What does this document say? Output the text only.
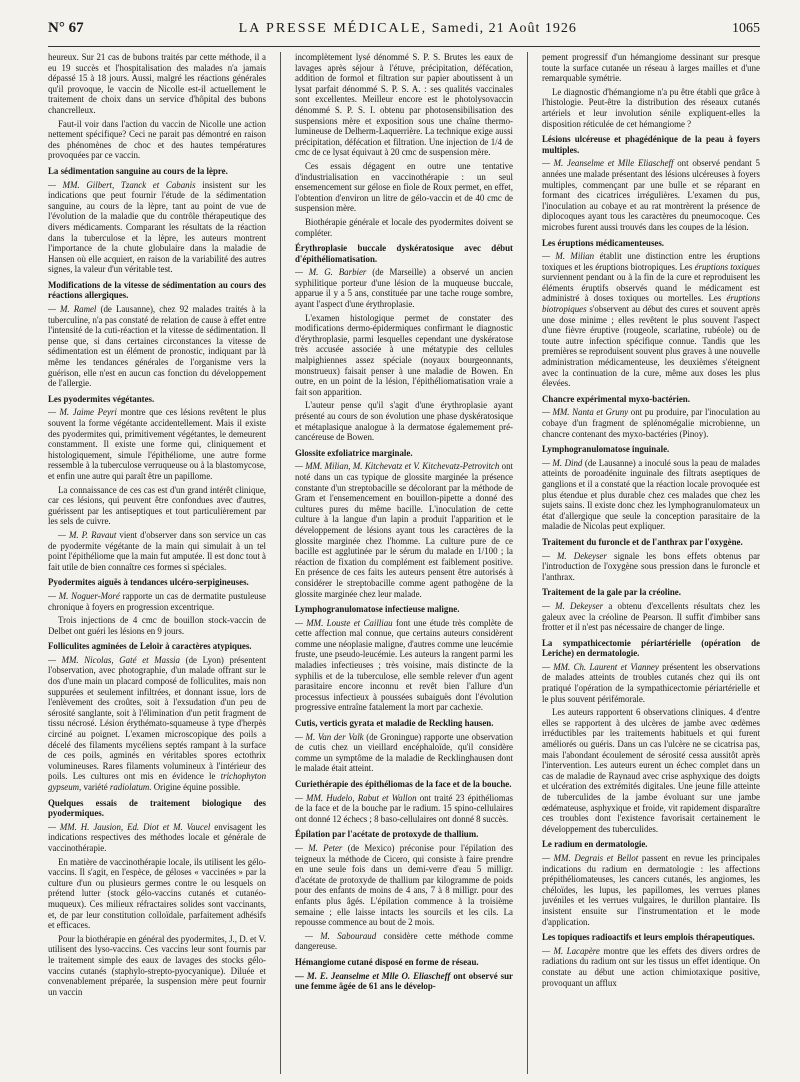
N° 67	LA PRESSE MÉDICALE, Samedi, 21 Août 1926	1065

heureux. Sur 21 cas de bubons traités par cette méthode, il a eu 19 succès et l'hospitalisation des malades n'a jamais dépassé 15 à 18 jours. Aussi, malgré les réactions générales qu'il provoque, le vaccin de Nicolle est-il actuellement le traitement de choix dans un service d'hôpital des bubons chancrelleux.

Faut-il voir dans l'action du vaccin de Nicolle une action nettement spécifique? Ceci ne parait pas démontré en raison des phénomènes de choc et des hautes températures provoquées par ce vaccin.

La sédimentation sanguine au cours de la lèpre.

— MM. Gilbert, Tzanck et Cabanis insistent sur les indications que peut fournir l'étude de la sédimentation sanguine, au cours de la lèpre, tant au point de vue de l'évolution de la maladie que du contrôle thérapeutique des divers médicaments. Comparant les résultats de la réaction dans la tuberculose et la lèpre, les auteurs montrent l'importance de la chute globulaire dans la maladie de Hansen où elle acquiert, en raison de la variabilité des autres signes, la valeur d'un véritable test.

Modifications de la vitesse de sédimentation au cours des réactions allergiques.

— M. Ramel (de Lausanne), chez 92 malades traités à la tuberculine, n'a pas constaté de relation de cause à effet entre l'intensité de la cuti-réaction et la vitesse de sédimentation. Il pense que, si dans certaines circonstances la vitesse de sédimentation est un élément de pronostic, indiquant par là même les tendances générales de l'organisme vers la guérison, elle n'est en aucun cas fonction du développement de l'allergie.

Les pyodermites végétantes.

— M. Jaime Peyri montre que ces lésions revêtent le plus souvent la forme végétante accidentellement. Mais il existe des pyodermites qui, primitivement végétantes, le demeurent constamment. Il existe une forme qui, cliniquement et histologiquement, simule l'épithéliome, une autre forme ressemble à la tuberculose verruqueuse ou à la blastomycose, et enfin une autre qui paraît être un papillome.

La connaissance de ces cas est d'un grand intérêt clinique, car ces lésions, qui peuvent être confondues avec d'autres, guérissent par les antiseptiques et tout particulièrement par les sels de cuivre.

— M. P. Ravaut vient d'observer dans son service un cas de pyodermite végétante de la main qui simulait à un tel point l'épithéliome que la main fut amputée. Il est donc tout à fait utile de bien connaître ces formes si spéciales.

Pyodermites aiguës à tendances ulcéro-serpigineuses.

— M. Noguer-Moré rapporte un cas de dermatite pustuleuse chronique à foyers en progression excentrique.

Trois injections de 4 cmc de bouillon stock-vaccin de Delbet ont guéri les lésions en 9 jours.

Folliculites agminées de Leloir à caractères atypiques.

— MM. Nicolas, Gaté et Massia (de Lyon) présentent l'observation, avec photographie, d'un malade offrant sur le dos d'une main un placard composé de folliculites, mais non suppurées et seulement infiltrées, et donnant issue, lors de l'enlèvement des croûtes, soit à l'exsudation d'un peu de sérosité sanglante, soit à l'élimination d'un petit fragment de tissu nécrosé. Lésion érythémato-squameuse à type d'herpès circiné au poignet. L'examen microscopique des poils a décelé des filaments mycéliens septés rampant à la surface de ces poils, agminés en véritables spores ectothrix volumineuses. Rares filaments volumineux à l'intérieur des poils. Les cultures ont mis en évidence le trichophyton gypseum, variété radiolatum. Origine équine possible.

Quelques essais de traitement biologique des pyodermiques.

— MM. H. Jausion, Ed. Diot et M. Vaucel envisagent les indications respectives des méthodes locale et générale de vaccinothérapie.

En matière de vaccinothérapie locale, ils utilisent les gélo-vaccins. Il s'agit, en l'espèce, de géloses « vaccinées » par la culture d'un ou plusieurs germes contre le ou lesquels on prétend lutter (stock gélo-vaccins cutanés et cutanéo-muqueux). Ces milieux réfractaires solides sont vaccinants, et, de par leur constitution colloïdale, parfaitement adhésifs et efficaces.

Pour la biothérapie en général des pyodermites, J., D. et V. utilisent des lyso-vaccins. Ces vaccins leur sont fournis par le traitement simple des eaux de lavages des stocks gélo-vaccins cutanés (staphylo-strepto-pyocyanique). Diluée et convenablement préparée, la suspension mère peut fournir un vaccin

incomplètement lysé dénommé S. P. S. Brutes les eaux de lavages après séjour à l'étuve, précipitation, défécation, addition de formol et filtration sur papier aboutissent à un lysat parfait dénommé S. P. S. A. : ses qualités vaccinales sont excellentes. Meilleur encore est le photolysovaccin dénommé S. P. S. I. obtenu par photosensibilisation des suspensions mère et exposition sous une chaîne thermo-lumineuse de Delherm-Laquerrière. La technique exige aussi précipitation, défécation et filtration. Une injection de 1/4 de cmc de ce lysat équivaut à 20 cmc de suspension mère.

Ces essais dégagent en outre une tentative d'industrialisation en vaccinothérapie : un seul ensemencement sur gélose en fiole de Roux permet, en effet, l'obtention d'environ un litre de gélo-vaccin et de 40 cmc de suspension mère.

Biothérapie générale et locale des pyodermites doivent se compléter.

Érythroplasie buccale dyskératosique avec début d'épithéliomatisation.

— M. G. Barbier (de Marseille) a observé un ancien syphilitique porteur d'une lésion de la muqueuse buccale, apparue il y a 5 ans, constituée par une tache rouge sombre, ayant l'aspect d'une érythroplasie.

L'examen histologique permet de constater des modifications dermo-épidermiques confirmant le diagnostic d'érythroplasie, parmi lesquelles cependant une dyskératose très accusée associée à une métatypie des cellules malpighiennes assez spéciale (noyaux bourgeonnants, monstrueux) faisait penser à une maladie de Bowen. En outre, en un point de la lésion, l'épithéliomatisation vraie a fait son apparition.

L'auteur pense qu'il s'agit d'une érythroplasie ayant présenté au cours de son évolution une phase dyskératosique et métaplasique analogue à la dermatose égalemement pré-cancéreuse de Bowen.

Glossite exfoliatrice marginale.

— MM. Milian, M. Kitchevatz et V. Kitchevatz-Petrovitch ont noté dans un cas typique de glossite marginée la présence constante d'un streptobacille se décolorant par la méthode de Gram et l'ensemencement en bouillon-pipette a donné des cultures pures du même bacille. L'inoculation de cette culture à la langue d'un lapin a produit l'apparition et le développement de lésions ayant tous les caractères de la glossite marginée chez l'homme. La culture pure de ce bacille est agglutinée par le sérum du malade en 1/100 ; la réaction de fixation du complément est faiblement positive. En présence de ces faits les auteurs pensent être autorisés à considérer le streptobacille comme agent pathogène de la glossite marginée chez leur malade.

Lymphogranulomatose infectieuse maligne.

— MM. Louste et Cailliau font une étude très complète de cette affection mal connue, que certains auteurs considèrent comme une néoplasie maligne, d'autres comme une leucémie fruste, une pseudo-leucémie. Les auteurs la rangent parmi les maladies infectieuses ; très voisine, mais distincte de la syphilis et de la tuberculose, elle semble relever d'un agent parasitaire encore inconnu et revêt bien l'allure d'un processus infectieux à poussées subaiguës dont l'évolution progressive entraîne fatalement la mort par cachexie.

Cutis, verticis gyrata et maladie de Reckling hausen.

— M. Van der Valk (de Groningue) rapporte une observation de cutis chez un vieillard encéphaloïde, qu'il considère comme un symptôme de la maladie de Recklinghausen dont le malade était atteint.

Curiethérapie des épithéliomas de la face et de la bouche.

— MM. Hudelo, Rabut et Wallon ont traité 23 épithéliomas de la face et de la bouche par le radium. 15 spino-cellulaires ont donné 12 échecs ; 8 baso-cellulaires ont donné 8 succès.

Épilation par l'acétate de protoxyde de thallium.

— M. Peter (de Mexico) préconise pour l'épilation des teigneux la méthode de Cicero, qui consiste à faire prendre en une seule fois dans un demi-verre d'eau 5 milligr. d'acétate de protoxyde de thallium par kilogramme de poids pour des enfants de moins de 4 ans, 7 à 8 milligr. pour des enfants plus âgés. L'épilation commence à la troisième semaine ; elle laisse intacts les sourcils et les cils. La repousse commence au bout de 2 mois.

— M. Sabouraud considère cette méthode comme dangereuse.

Hémangiome cutané disposé en forme de réseau.

— M. E. Jeanselme et Mlle O. Eliascheff ont observé sur une femme âgée de 61 ans le dévelop-

pement progressif d'un hémangiome dessinant sur presque toute la surface cutanée un réseau à larges mailles et d'une remarquable symétrie.

Le diagnostic d'hémangiome n'a pu être établi que grâce à l'histologie. Peut-être la distribution des réseaux cutanés artériels et leur involution sénile expliquent-elles la disposition réticulée de cet hémangiome ?

Lésions ulcéreuse et phagédénique de la peau à foyers multiples.

— M. Jeanselme et Mlle Eliascheff ont observé pendant 5 années une malade présentant des lésions ulcéreuses à foyers multiples, commençant par une bulle et se réparant en formant des cicatrices irrégulières. L'examen du pus, l'inoculation au cobaye et au rat montrèrent la présence de diplocoques ayant tous les caractères du pneumocoque. Ces microbes furent aussi trouvés dans les coupes de la lésion.

Les éruptions médicamenteuses.

— M. Milian établit une distinction entre les éruptions toxiques et les éruptions biotropiques. Les éruptions toxiques surviennent pendant ou à la fin de la cure et reproduisent les éléments éruptifs observés quand le médicament est administré à doses toxiques ou mortelles. Les éruptions biotropiques s'observent au début des cures et souvent après une dose minime ; elles revêtent le plus souvent l'aspect d'une fièvre éruptive (rougeole, scarlatine, rubéole) ou de toute autre infection spécifique connue. Tandis que les premières se reproduisent souvent plus graves à une nouvelle administration médicamenteuse, les deuxièmes s'éteignent avec la continuation de la cure, même aux doses les plus élevées.

Chancre expérimental myxo-bactérien.

— MM. Nanta et Gruny ont pu produire, par l'inoculation au cobaye d'un fragment de splénomégalie microbienne, un chancre contenant des myxo-bactéries (Pinoy).

Lymphogranulomatose inguinale.

— M. Dind (de Lausanne) a inoculé sous la peau de malades atteints de poroadénite inguinale des filtrats aseptiques de ganglions et il a constaté que la réaction locale provoquée est plus étendue et plus durable chez ces malades que chez les sujets sains. Il existe donc chez les lymphogranulomateux un état d'allergique que seule la conception parasitaire de la maladie de Nicolas peut expliquer.

Traitement du furoncle et de l'anthrax par l'oxygène.

— M. Dekeyser signale les bons effets obtenus par l'introduction de l'oxygène sous pression dans le furoncle et l'anthrax.

Traitement de la gale par la créoline.

— M. Dekeyser a obtenu d'excellents résultats chez les galeux avec la créoline de Pearson. Il suffit d'imbiber sans frotter et il n'est pas nécessaire de changer de linge.

La sympathicectomie périartérielle (opération de Leriche) en dermatologie.

— MM. Ch. Laurent et Vianney présentent les observations de malades atteints de troubles cutanés chez qui ils ont pratiqué l'opération de la sympathicectomie périartérielle et le plus souvent périfémorale.

Les auteurs rapportent 6 observations cliniques. 4 d'entre elles se rapportent à des ulcères de jambe avec œdèmes irréductibles par les traitements habituels et qui furent améliorés ou guéris. Dans un cas l'ulcère ne se cicatrisa pas, mais l'abondant écoulement de sérosité cessa aussitôt après l'intervention. Les auteurs eurent un échec complet dans un cas de maladie de Raynaud avec crise asphyxique des doigts et ulcération des extrémités digitales. Une jeune fille atteinte de tuberculides de la jambe évoluant sur une jambe œdémateuse, asphyxique et froide, vit rapidement disparaître ces troubles dont l'existence favorisait certainement le développement des tuberculides.

Le radium en dermatologie.

— MM. Degrais et Bellot passent en revue les principales indications du radium en dermatologie : les affections prépithéliomateuses, les cancers cutanés, les angiomes, les chéloïdes, les lupus, les papillomes, les verrues planes juvéniles et les verrues vulgaires, le durillon plantaire. Ils insistent ensuite sur l'instrumentation et le mode d'application.

Les topiques radioactifs et leurs emplois thérapeutiques.

— M. Lacapère montre que les effets des divers ordres de radiations du radium ont sur les tissus un effet identique. On constate au début une action chimiotaxique positive, provoquant un afflux
